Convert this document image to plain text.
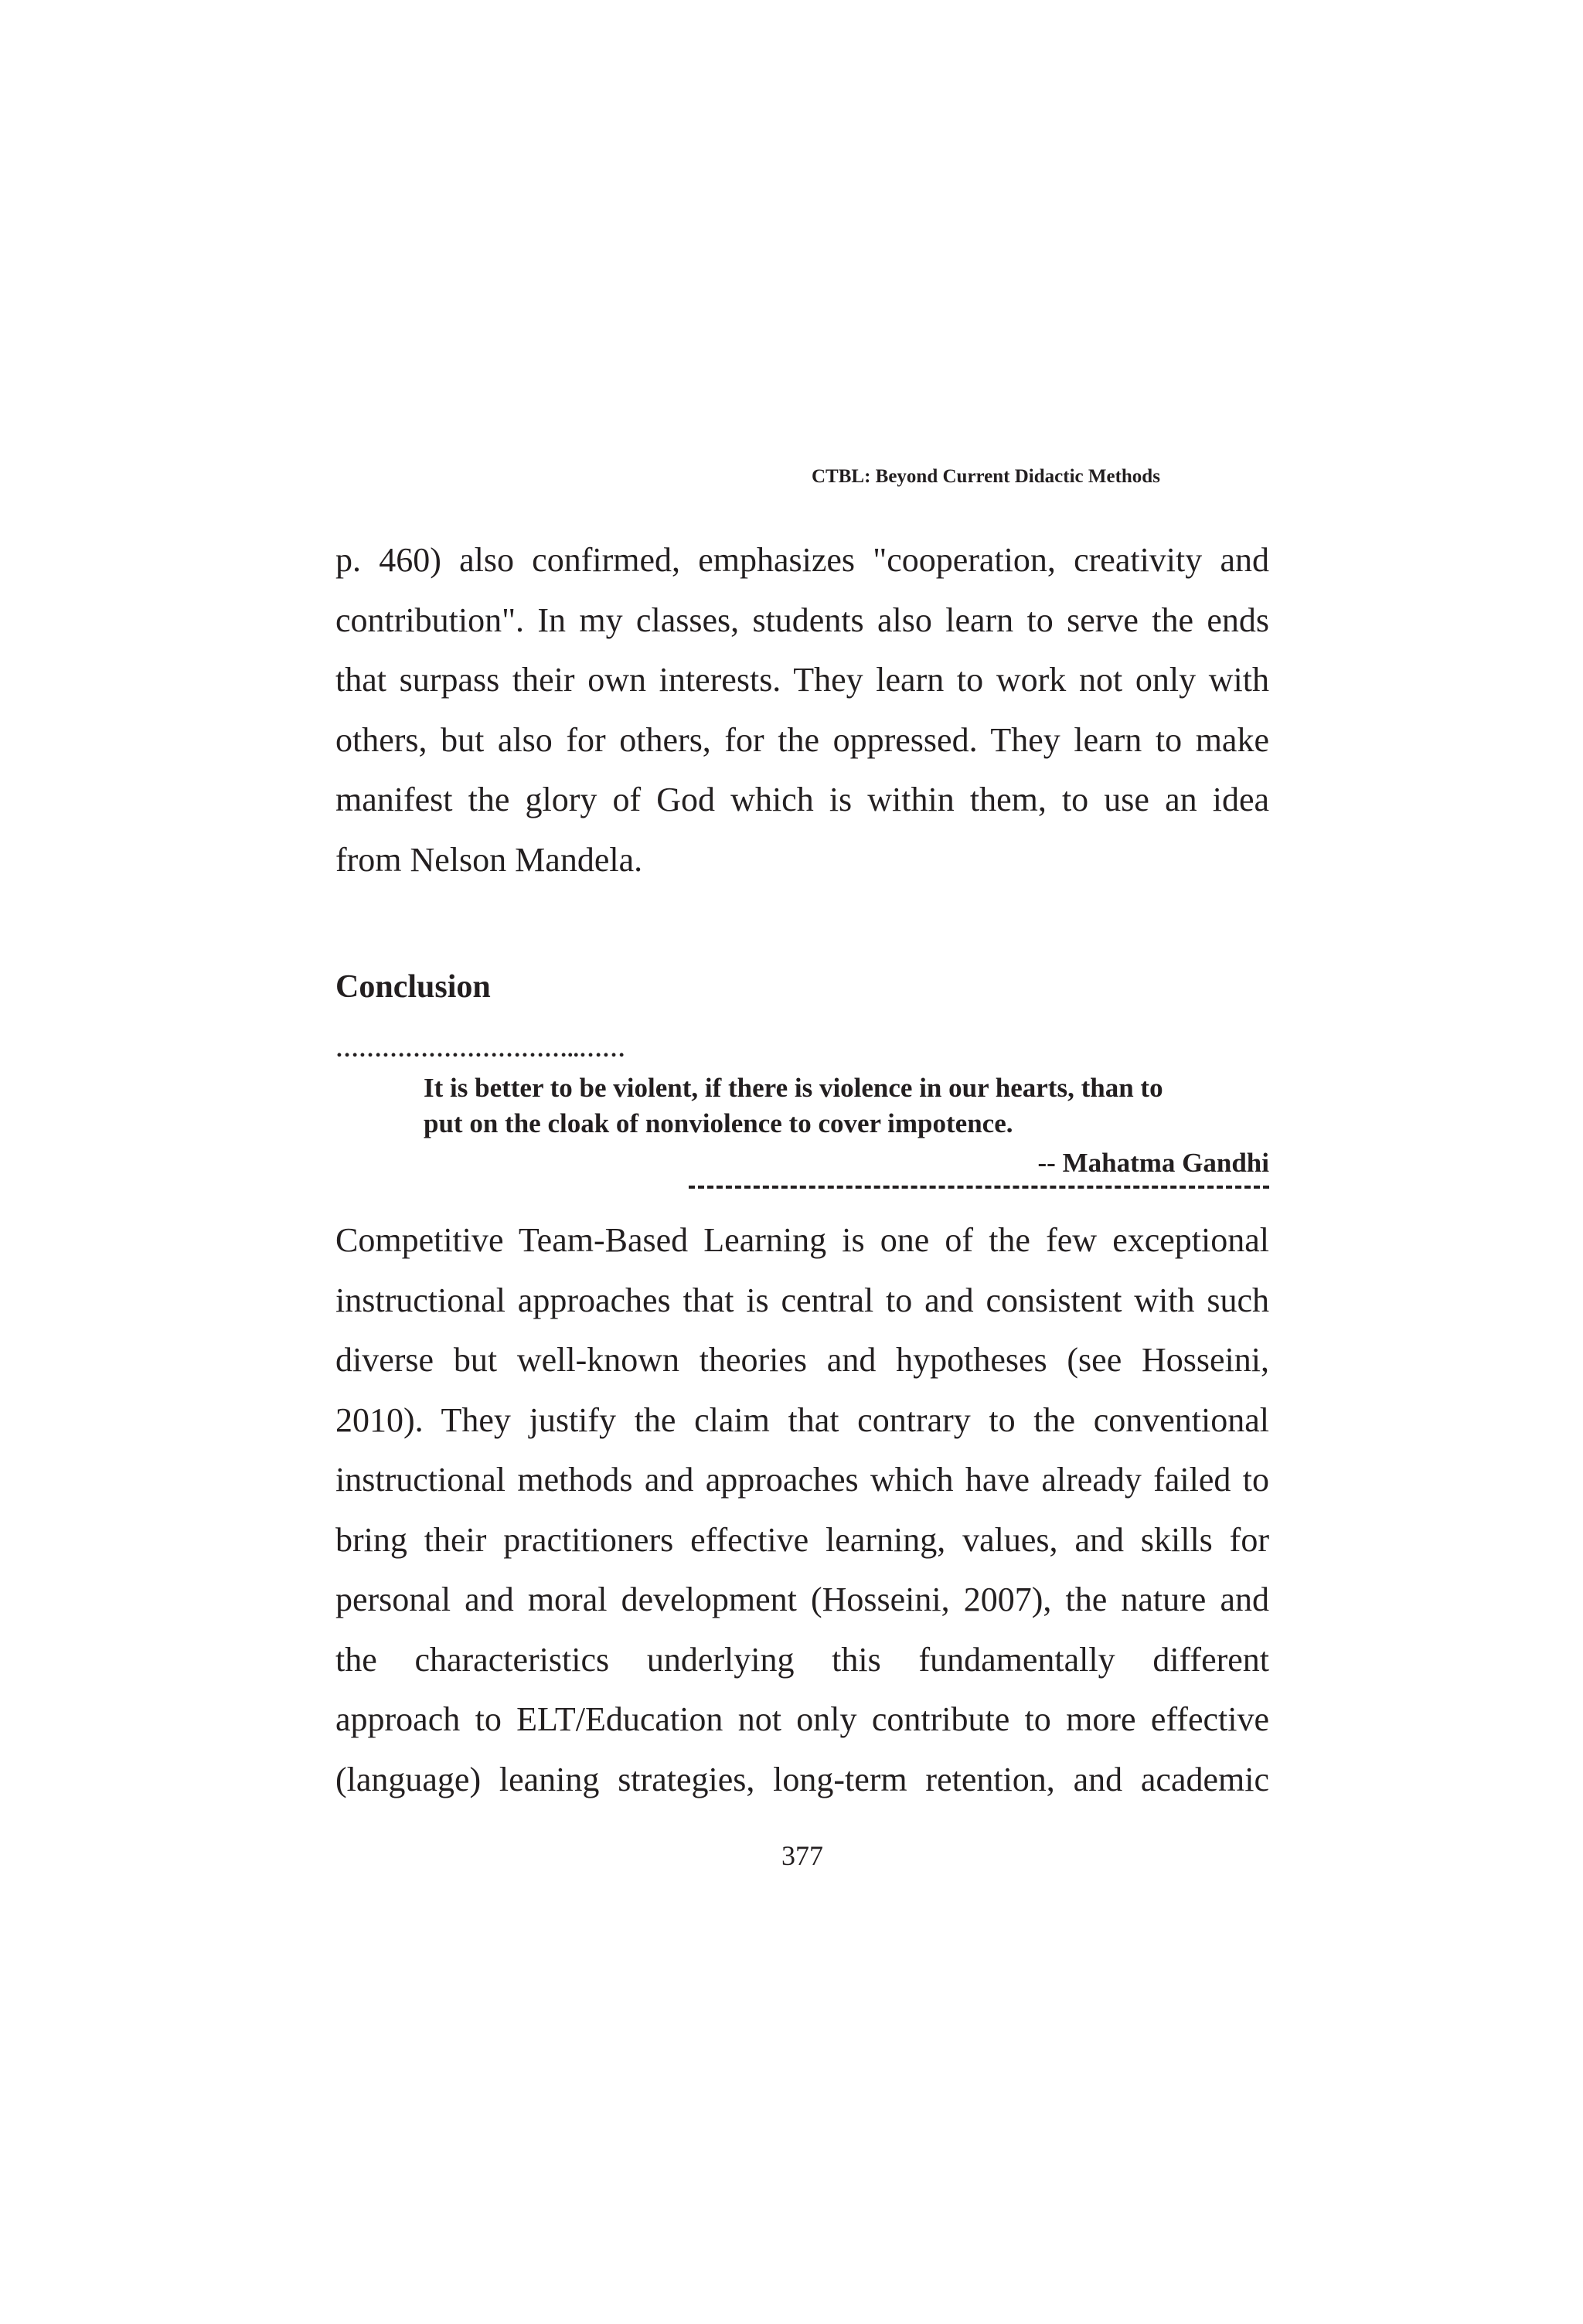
CTBL: Beyond Current Didactic Methods
p. 460) also confirmed, emphasizes "cooperation, creativity and
contribution". In my classes, students also learn to serve the ends
that surpass their own interests. They learn to work not only with
others, but also for others, for the oppressed. They learn to make
manifest the glory of God which is within them, to use an idea
from Nelson Mandela.
Conclusion
…………………………..……
It is better to be violent, if there is violence in our hearts, than to
put on the cloak of nonviolence to cover impotence.
-- Mahatma Gandhi
Competitive Team-Based Learning is one of the few exceptional
instructional approaches that is central to and consistent with such
diverse but well-known theories and hypotheses (see Hosseini,
2010). They justify the claim that contrary to the conventional
instructional methods and approaches which have already failed to
bring their practitioners effective learning, values, and skills for
personal and moral development (Hosseini, 2007), the nature and
the characteristics underlying this fundamentally different
approach to ELT/Education not only contribute to more effective
(language) leaning strategies, long-term retention, and academic
377
